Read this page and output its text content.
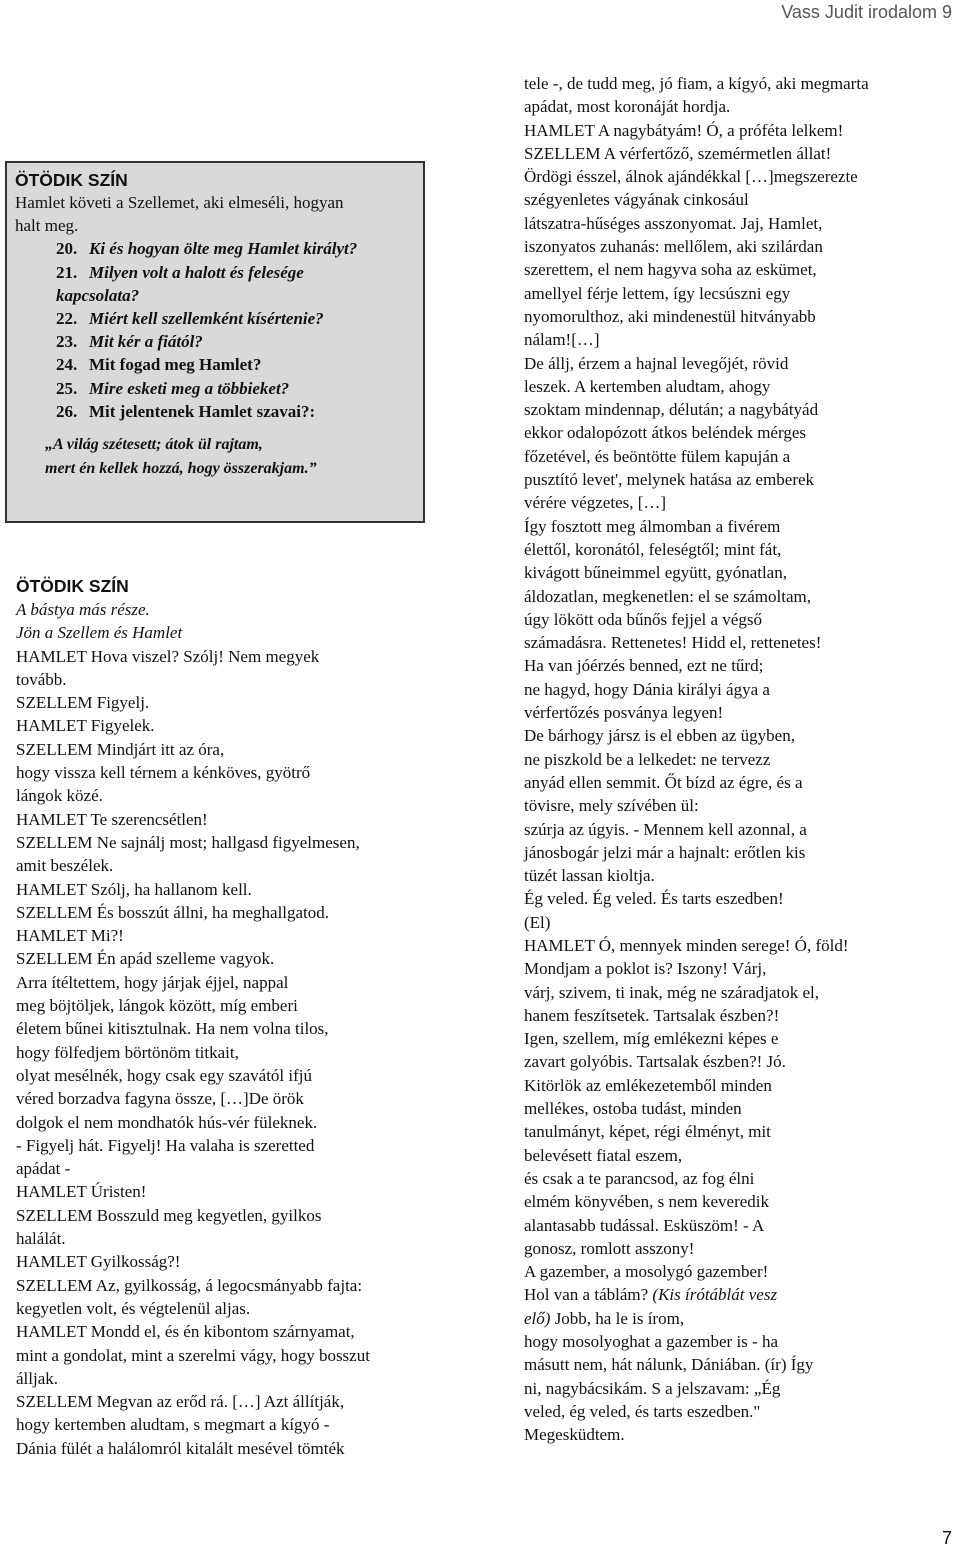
Vass Judit irodalom 9
ÖTÖDIK SZÍN
Hamlet követi a Szellemet, aki elmeséli, hogyan
halt meg.
20. Ki és hogyan ölte meg Hamlet királyt?
21. Milyen volt a halott és felesége
kapcsolata?
22. Miért kell szellemként kísértenie?
23. Mit kér a fiától?
24. Mit fogad meg Hamlet?
25. Mire esketi meg a többieket?
26. Mit jelentenek Hamlet szavai?:
„A világ szétesett; átok ül rajtam,
mert én kellek hozzá, hogy összerakjam.”
ÖTÖDIK SZÍN
A bástya más része.
Jön a Szellem és Hamlet
HAMLET Hova viszel? Szólj! Nem megyek
tovább.
SZELLEM Figyelj.
HAMLET Figyelek.
SZELLEM Mindjárt itt az óra,
hogy vissza kell térnem a kénköves, gyötrő
lángok közé.
HAMLET Te szerencsétlen!
SZELLEM Ne sajnálj most; hallgasd figyelmesen,
amit beszélek.
HAMLET Szólj, ha hallanom kell.
SZELLEM És bosszút állni, ha meghallgatod.
HAMLET Mi?!
SZELLEM Én apád szelleme vagyok.
Arra ítéltettem, hogy járjak éjjel, nappal
meg böjtöljek, lángok között, míg emberi
életem bűnei kitisztulnak. Ha nem volna tilos,
hogy fölfedjem börtönöm titkait,
olyat mesélnék, hogy csak egy szavától ifjú
véred borzadva fagyna össze, […]De örök
dolgok el nem mondhatók hús-vér füleknek.
- Figyelj hát. Figyelj! Ha valaha is szeretted
apádat -
HAMLET Úristen!
SZELLEM Bosszuld meg kegyetlen, gyilkos
halálát.
HAMLET Gyilkosság?!
SZELLEM Az, gyilkosság, á legocsmányabb fajta:
kegyetlen volt, és végtelenül aljas.
HAMLET Mondd el, és én kibontom szárnyamat,
mint a gondolat, mint a szerelmi vágy, hogy bosszut
álljak.
SZELLEM Megvan az erőd rá. […] Azt állítják,
hogy kertemben aludtam, s megmart a kígyó -
Dánia fülét a halálomról kitalált mesével tömték
tele -, de tudd meg, jó fiam, a kígyó, aki megmarta
apádat, most koronáját hordja.
HAMLET A nagybátyám! Ó, a próféta lelkem!
SZELLEM A vérfertőző, szemérmetlen állat!
Ördögi ésszel, álnok ajándékkal […]megszerezte
szégyenletes vágyának cinkosául
látszatra-hűséges asszonyomat. Jaj, Hamlet,
iszonyatos zuhanás: mellőlem, aki szilárdan
szerettem, el nem hagyva soha az eskümet,
amellyel férje lettem, így lecsúszni egy
nyomorulthoz, aki mindenestül hitványabb
nálam![…]
De állj, érzem a hajnal levegőjét, rövid
leszek. A kertemben aludtam, ahogy
szoktam mindennap, délután; a nagybátyád
ekkor odalopózott átkos beléndek mérges
főzetével, és beöntötte fülem kapuján a
pusztító levet', melynek hatása az emberek
vérére végzetes, […]
Így fosztott meg álmomban a fivérem
élettől, koronától, feleségtől; mint fát,
kivágott bűneimmel együtt, gyónatlan,
áldozatlan, megkenetlen: el se számoltam,
úgy lökött oda bűnős fejjel a végső
számadásra. Rettenetes! Hidd el, rettenetes!
Ha van jóérzés benned, ezt ne tűrd;
ne hagyd, hogy Dánia királyi ágya a
vérfertőzés posványa legyen!
De bárhogy jársz is el ebben az ügyben,
ne piszkold be a lelkedet: ne tervezz
anyád ellen semmit. Őt bízd az égre, és a
tövisre, mely szívében ül:
szúrja az úgyis. - Mennem kell azonnal, a
jánosbogár jelzi már a hajnalt: erőtlen kis
tüzét lassan kioltja.
Ég veled. Ég veled. És tarts eszedben!
(El)
HAMLET Ó, mennyek minden serege! Ó, föld!
Mondjam a poklot is? Iszony! Várj,
várj, szivem, ti inak, még ne száradjatok el,
hanem feszítsetek. Tartsalak észben?!
Igen, szellem, míg emlékezni képes e
zavart golyóbis. Tartsalak észben?! Jó.
Kitörlök az emlékezetemből minden
mellékes, ostoba tudást, minden
tanulmányt, képet, régi élményt, mit
belevésett fiatal eszem,
és csak a te parancsod, az fog élni
elmém könyvében, s nem keveredik
alantasabb tudással. Esküszöm! - A
gonosz, romlott asszony!
A gazember, a mosolygó gazember!
Hol van a táblám? (Kis írótáblát vesz
elő) Jobb, ha le is írom,
hogy mosolyoghat a gazember is - ha
másutt nem, hát nálunk, Dániában. (ír) Így
ni, nagybácsikám. S a jelszavam: „Ég
veled, ég veled, és tarts eszedben."
Megesküdtem.
7
